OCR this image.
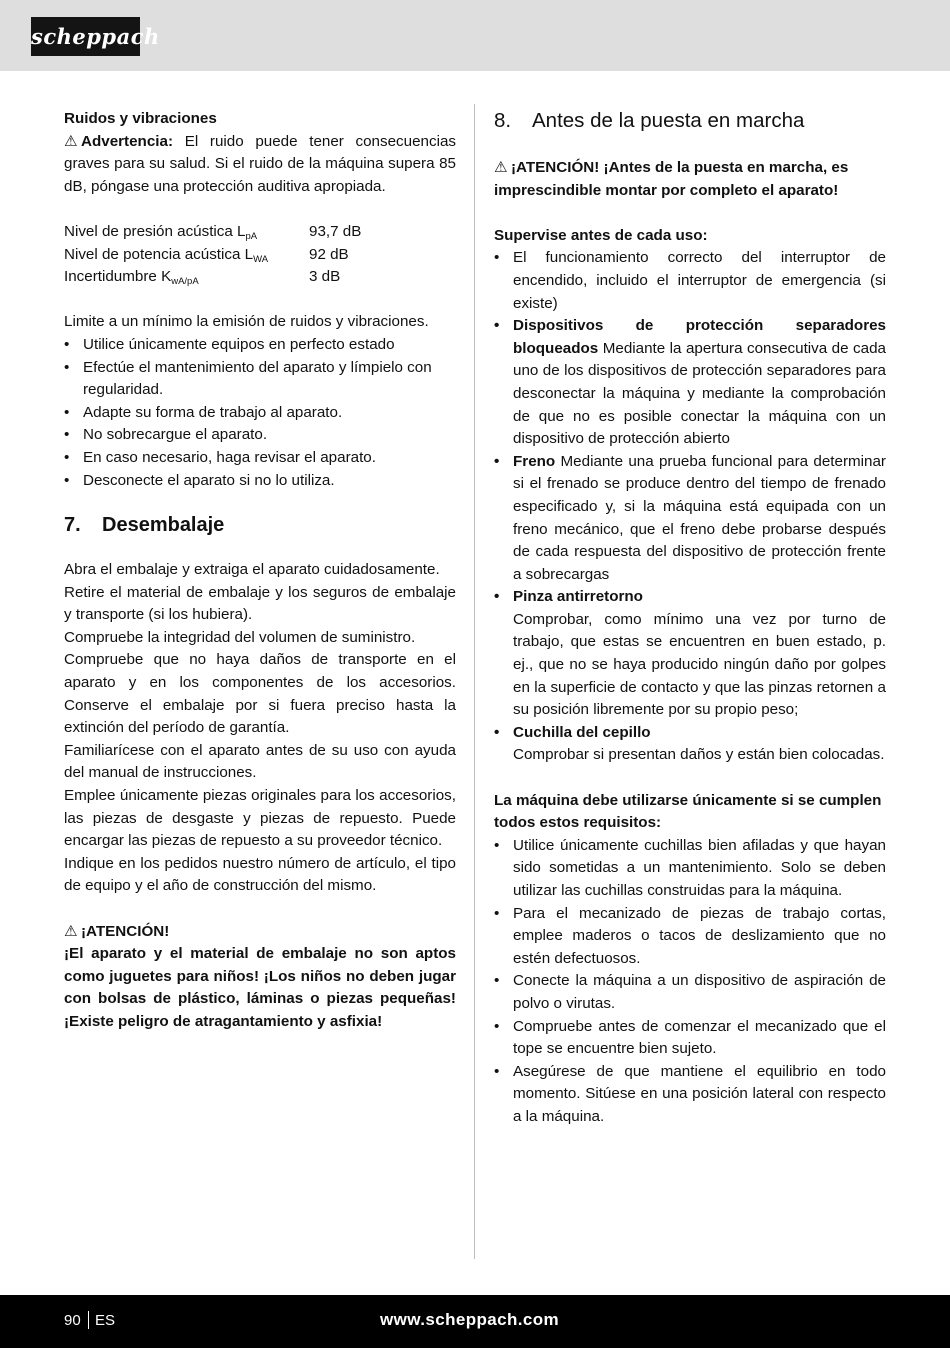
scheppach

Ruidos y vibraciones

⚠ Advertencia: El ruido puede tener consecuencias graves para su salud. Si el ruido de la máquina supera 85 dB, póngase una protección auditiva apropiada.

Nivel de presión acústica $L_{pA}$	93,7 dB
Nivel de potencia acústica $L_{WA}$	92 dB
Incertidumbre $K_{wA/pA}$	3 dB

Limite a un mínimo la emisión de ruidos y vibraciones.

• Utilice únicamente equipos en perfecto estado
• Efectúe el mantenimiento del aparato y límpielo con regularidad.
• Adapte su forma de trabajo al aparato.
• No sobrecargue el aparato.
• En caso necesario, haga revisar el aparato.
• Desconecte el aparato si no lo utiliza.
7. Desembalaje

Abra el embalaje y extraiga el aparato cuidadosamente.

Retire el material de embalaje y los seguros de embalaje y transporte (si los hubiera).

Compruebe la integridad del volumen de suministro.

Compruebe que no haya daños de transporte en el aparato y en los componentes de los accesorios. Conserve el embalaje por si fuera preciso hasta la extinción del período de garantía.

Familiarícese con el aparato antes de su uso con ayuda del manual de instrucciones.

Emplee únicamente piezas originales para los accesorios, las piezas de desgaste y piezas de repuesto. Puede encargar las piezas de repuesto a su proveedor técnico.

Indique en los pedidos nuestro número de artículo, el tipo de equipo y el año de construcción del mismo.

⚠ ¡ATENCIÓN!

¡El aparato y el material de embalaje no son aptos como juguetes para niños! ¡Los niños no deben jugar con bolsas de plástico, láminas o piezas pequeñas! ¡Existe peligro de atragantamiento y asfixia!

8. Antes de la puesta en marcha

⚠ ¡ATENCIÓN! ¡Antes de la puesta en marcha, es imprescindible montar por completo el aparato!

Supervise antes de cada uso:

• El funcionamiento correcto del interruptor de encendido, incluido el interruptor de emergencia (si existe)
• Dispositivos de protección separadores bloqueados Mediante la apertura consecutiva de cada uno de los dispositivos de protección separadores para desconectar la máquina y mediante la comprobación de que no es posible conectar la máquina con un dispositivo de protección abierto
• Freno Mediante una prueba funcional para determinar si el frenado se produce dentro del tiempo de frenado especificado y, si la máquina está equipada con un freno mecánico, que el freno debe probarse después de cada respuesta del dispositivo de protección frente a sobrecargas
• Pinza antirretorno
Comprobar, como mínimo una vez por turno de trabajo, que estas se encuentren en buen estado, p. ej., que no se haya producido ningún daño por golpes en la superficie de contacto y que las pinzas retornen a su posición libremente por su propio peso;
• Cuchilla del cepillo
Comprobar si presentan daños y están bien colocadas.

La máquina debe utilizarse únicamente si se cumplen todos estos requisitos:

• Utilice únicamente cuchillas bien afiladas y que hayan sido sometidas a un mantenimiento. Solo se deben utilizar las cuchillas construidas para la máquina.
• Para el mecanizado de piezas de trabajo cortas, emplee maderos o tacos de deslizamiento que no estén defectuosos.
• Conecte la máquina a un dispositivo de aspiración de polvo o virutas.
• Compruebe antes de comenzar el mecanizado que el tope se encuentre bien sujeto.
• Asegúrese de que mantiene el equilibrio en todo momento. Sitúese en una posición lateral con respecto a la máquina.
90 ES	www.scheppach.com
